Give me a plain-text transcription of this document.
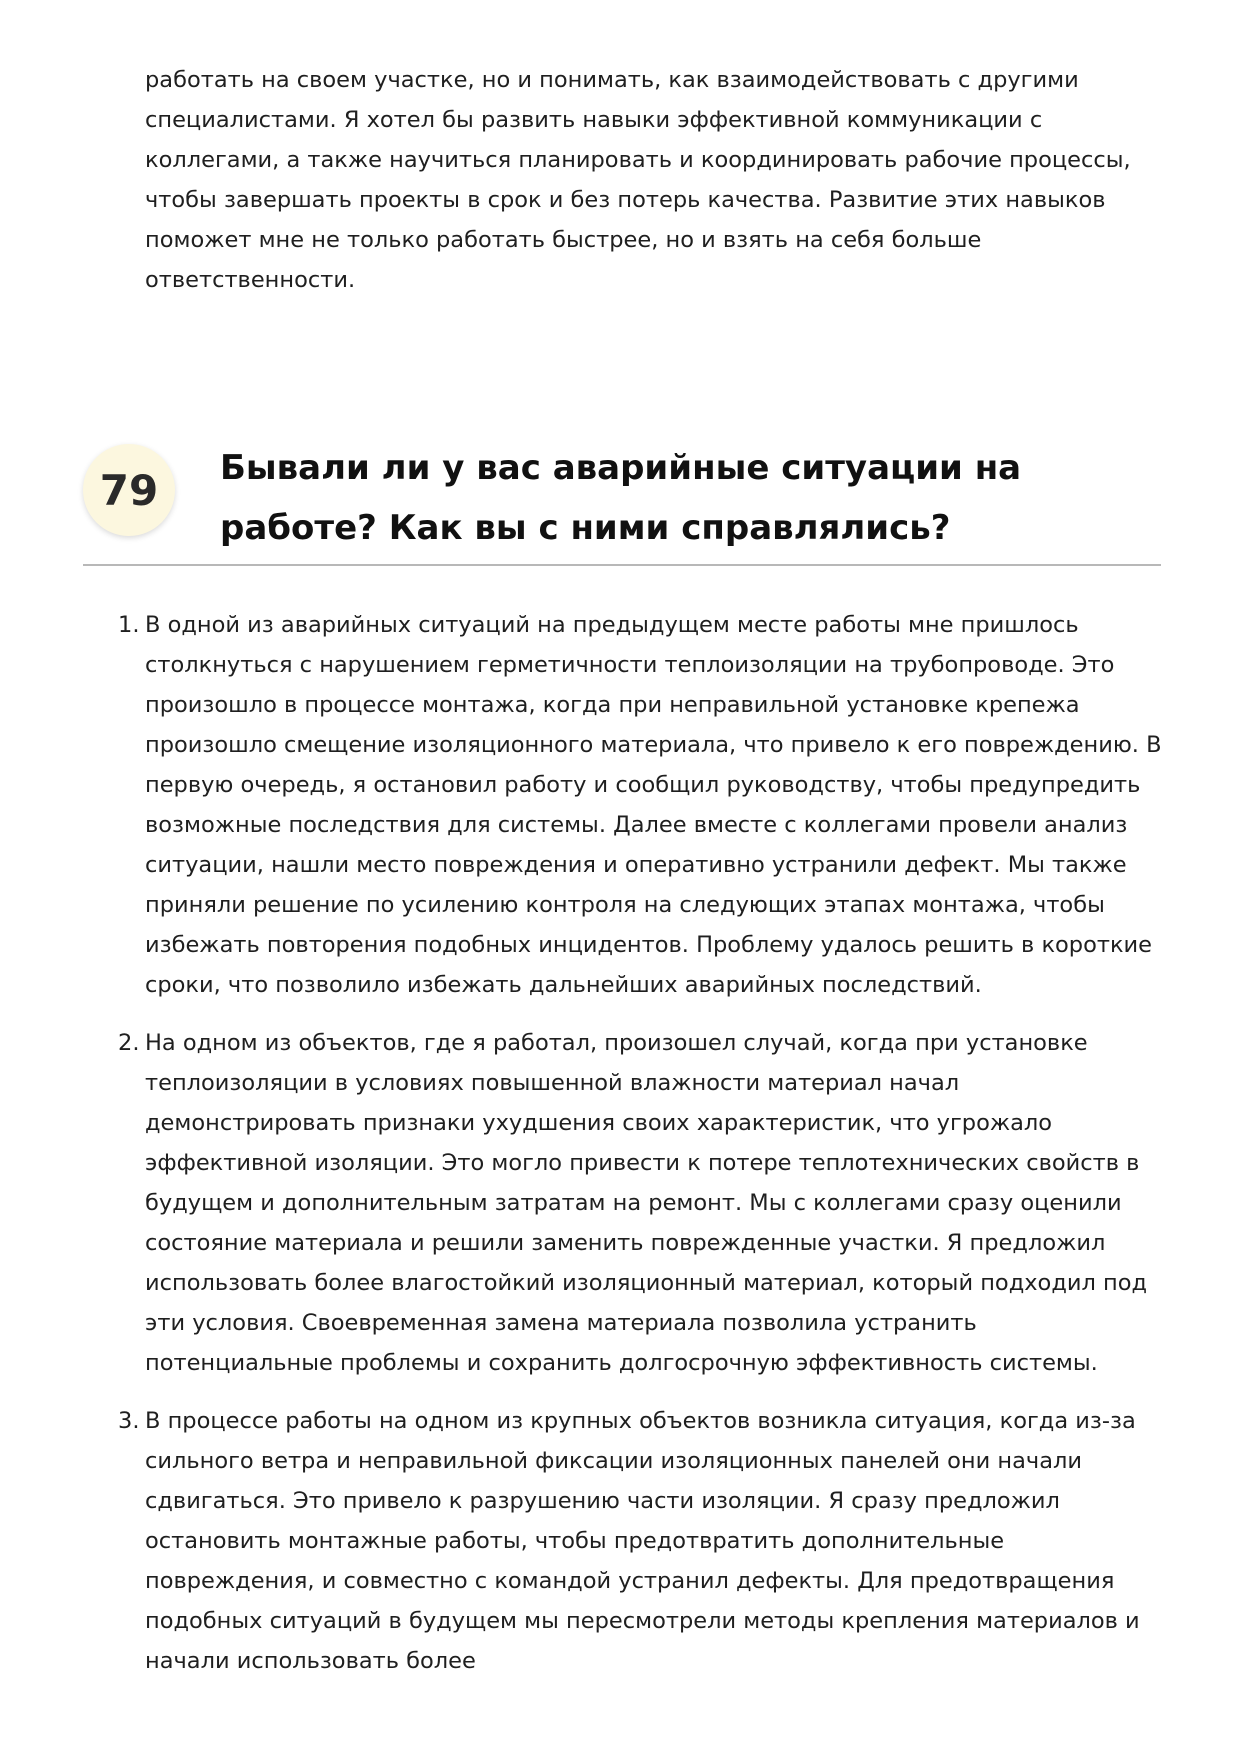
работать на своем участке, но и понимать, как взаимодействовать с другими специалистами. Я хотел бы развить навыки эффективной коммуникации с коллегами, а также научиться планировать и координировать рабочие процессы, чтобы завершать проекты в срок и без потерь качества. Развитие этих навыков поможет мне не только работать быстрее, но и взять на себя больше ответственности.

79	Бывали ли у вас аварийные ситуации на работе? Как вы с ними справлялись?
1. В одной из аварийных ситуаций на предыдущем месте работы мне пришлось столкнуться с нарушением герметичности теплоизоляции на трубопроводе. Это произошло в процессе монтажа, когда при неправильной установке крепежа произошло смещение изоляционного материала, что привело к его повреждению. В первую очередь, я остановил работу и сообщил руководству, чтобы предупредить возможные последствия для системы. Далее вместе с коллегами провели анализ ситуации, нашли место повреждения и оперативно устранили дефект. Мы также приняли решение по усилению контроля на следующих этапах монтажа, чтобы избежать повторения подобных инцидентов. Проблему удалось решить в короткие сроки, что позволило избежать дальнейших аварийных последствий.
2. На одном из объектов, где я работал, произошел случай, когда при установке теплоизоляции в условиях повышенной влажности материал начал демонстрировать признаки ухудшения своих характеристик, что угрожало эффективной изоляции. Это могло привести к потере теплотехнических свойств в будущем и дополнительным затратам на ремонт. Мы с коллегами сразу оценили состояние материала и решили заменить поврежденные участки. Я предложил использовать более влагостойкий изоляционный материал, который подходил под эти условия. Своевременная замена материала позволила устранить потенциальные проблемы и сохранить долгосрочную эффективность системы.
3. В процессе работы на одном из крупных объектов возникла ситуация, когда из-за сильного ветра и неправильной фиксации изоляционных панелей они начали сдвигаться. Это привело к разрушению части изоляции. Я сразу предложил остановить монтажные работы, чтобы предотвратить дополнительные повреждения, и совместно с командой устранил дефекты. Для предотвращения подобных ситуаций в будущем мы пересмотрели методы крепления материалов и начали использовать более
